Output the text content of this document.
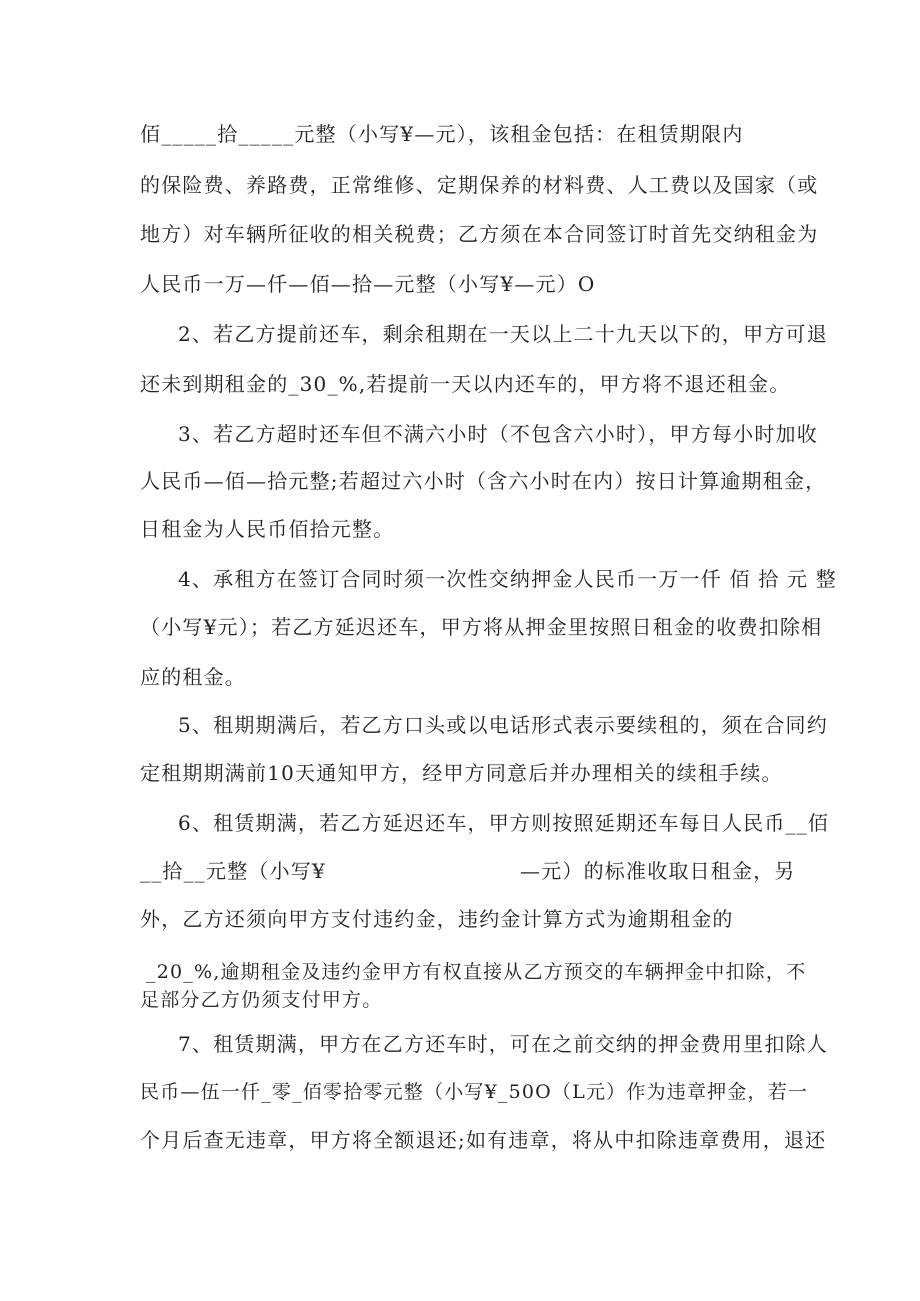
佰_____拾_____元整（小写¥—元），该租金包括：在租赁期限内
的保险费、养路费，正常维修、定期保养的材料费、人工费以及国家（或
地方）对车辆所征收的相关税费；乙方须在本合同签订时首先交纳租金为
人民币一万—仟—佰—拾—元整（小写¥—元）O
2、若乙方提前还车，剩余租期在一天以上二十九天以下的，甲方可退
还未到期租金的_30_%,若提前一天以内还车的，甲方将不退还租金。
3、若乙方超时还车但不满六小时（不包含六小时），甲方每小时加收
人民币—佰—拾元整;若超过六小时（含六小时在内）按日计算逾期租金，
日租金为人民币佰拾元整。
4、承租方在签订合同时须一次性交纳押金人民币一万一仟 佰 拾 元 整
（小写¥元）；若乙方延迟还车，甲方将从押金里按照日租金的收费扣除相
应的租金。
5、租期期满后，若乙方口头或以电话形式表示要续租的，须在合同约
定租期期满前10天通知甲方，经甲方同意后并办理相关的续租手续。
6、租赁期满，若乙方延迟还车，甲方则按照延期还车每日人民币__佰
__拾__元整（小写¥	—元）的标准收取日租金，另
外，乙方还须向甲方支付违约金，违约金计算方式为逾期租金的
_20_%,逾期租金及违约金甲方有权直接从乙方预交的车辆押金中扣除，不
足部分乙方仍须支付甲方。
7、租赁期满，甲方在乙方还车时，可在之前交纳的押金费用里扣除人
民币—伍一仟_零_佰零拾零元整（小写¥_50O（L元）作为违章押金，若一
个月后查无违章，甲方将全额退还;如有违章，将从中扣除违章费用，退还
